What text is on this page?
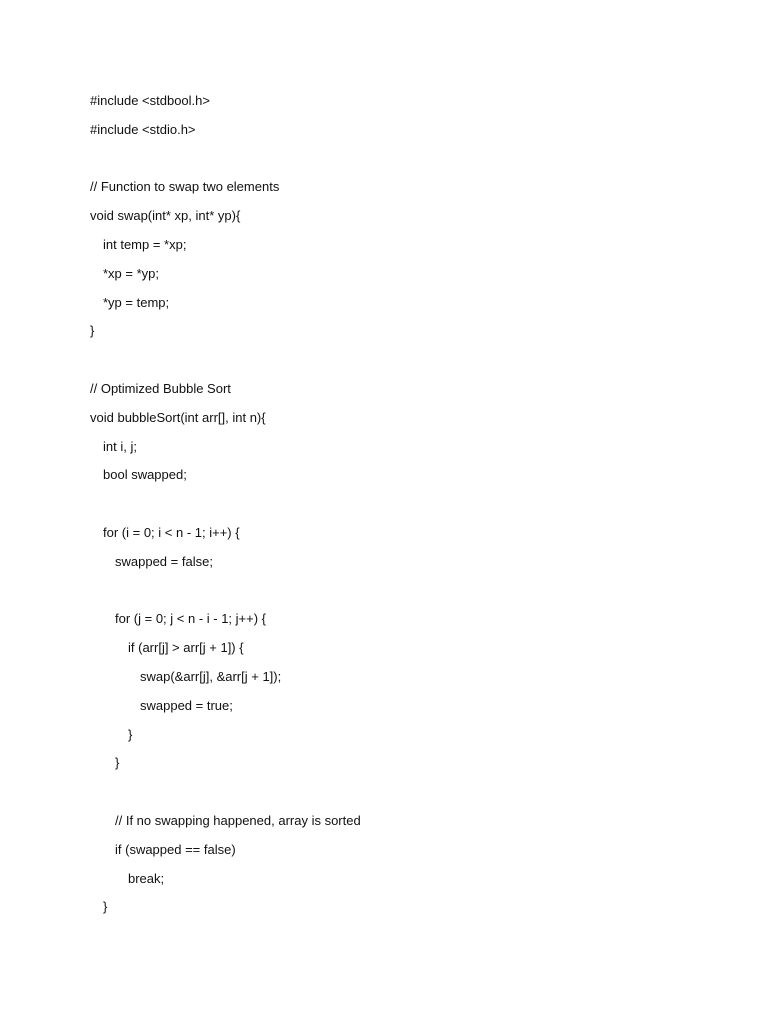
#include <stdbool.h>
#include <stdio.h>
// Function to swap two elements
void swap(int* xp, int* yp){
int temp = *xp;
*xp = *yp;
*yp = temp;
}
// Optimized Bubble Sort
void bubbleSort(int arr[], int n){
int i, j;
bool swapped;
for (i = 0; i < n - 1; i++) {
swapped = false;
for (j = 0; j < n - i - 1; j++) {
if (arr[j] > arr[j + 1]) {
swap(&arr[j], &arr[j + 1]);
swapped = true;
}
}
// If no swapping happened, array is sorted
if (swapped == false)
break;
}
